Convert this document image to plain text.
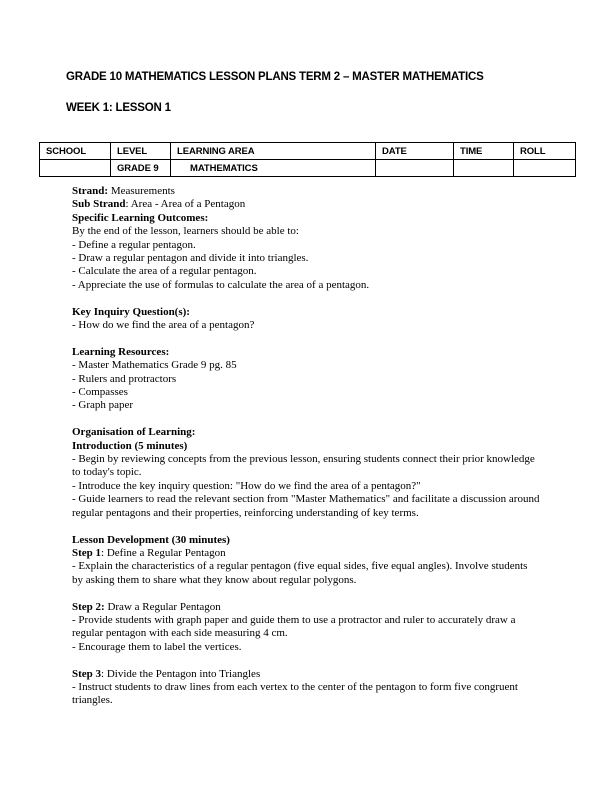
GRADE 10 MATHEMATICS LESSON PLANS TERM 2 – MASTER MATHEMATICS
WEEK 1: LESSON 1
SCHOOL	LEVEL	LEARNING AREA	DATE	TIME	ROLL
	GRADE 9	MATHEMATICS			

Strand: Measurements

Sub Strand: Area - Area of a Pentagon

Specific Learning Outcomes:

By the end of the lesson, learners should be able to:

- Define a regular pentagon.

- Draw a regular pentagon and divide it into triangles.

- Calculate the area of a regular pentagon.

- Appreciate the use of formulas to calculate the area of a pentagon.

Key Inquiry Question(s):

- How do we find the area of a pentagon?

Learning Resources:

- Master Mathematics Grade 9 pg. 85

- Rulers and protractors

- Compasses

- Graph paper

Organisation of Learning:

Introduction (5 minutes)

- Begin by reviewing concepts from the previous lesson, ensuring students connect their prior knowledge to today's topic.

- Introduce the key inquiry question: "How do we find the area of a pentagon?"

- Guide learners to read the relevant section from "Master Mathematics" and facilitate a discussion around regular pentagons and their properties, reinforcing understanding of key terms.

Lesson Development (30 minutes)

Step 1: Define a Regular Pentagon

- Explain the characteristics of a regular pentagon (five equal sides, five equal angles). Involve students by asking them to share what they know about regular polygons.

Step 2: Draw a Regular Pentagon

- Provide students with graph paper and guide them to use a protractor and ruler to accurately draw a regular pentagon with each side measuring 4 cm.

- Encourage them to label the vertices.

Step 3: Divide the Pentagon into Triangles

- Instruct students to draw lines from each vertex to the center of the pentagon to form five congruent triangles.
